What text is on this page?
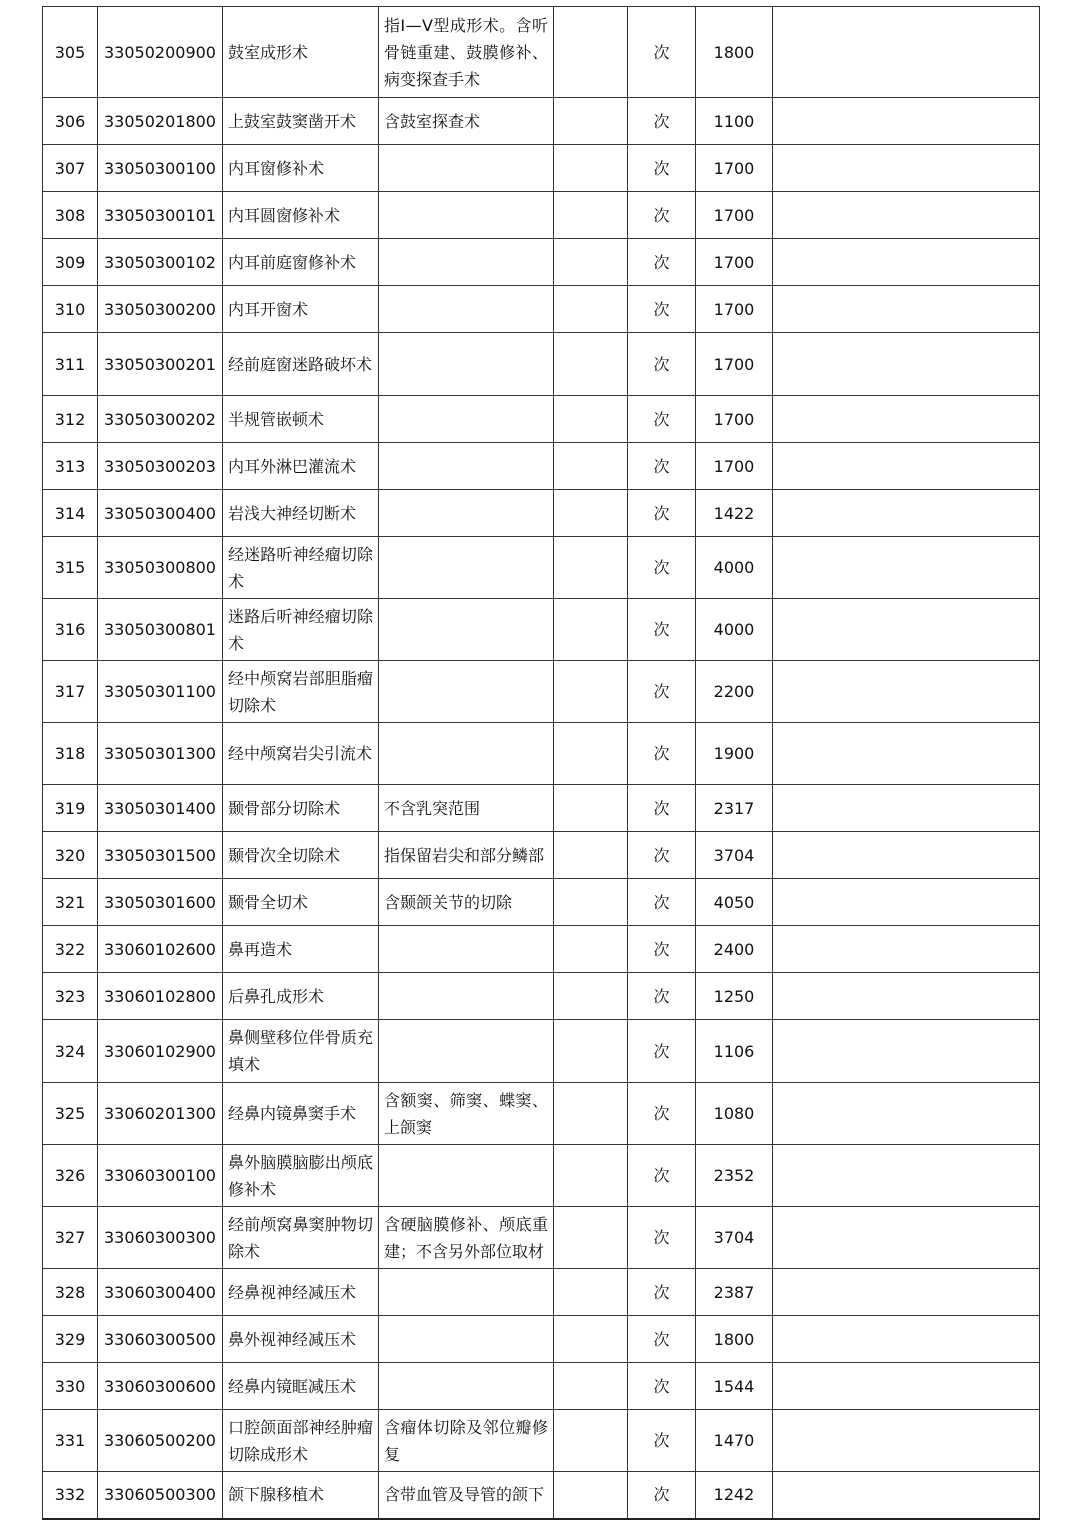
305	33050200900	鼓室成形术	指Ⅰ—Ⅴ型成形术。含听骨链重建、鼓膜修补、病变探查手术		次	1800	
306	33050201800	上鼓室鼓窦凿开术	含鼓室探查术		次	1100	
307	33050300100	内耳窗修补术			次	1700	
308	33050300101	内耳圆窗修补术			次	1700	
309	33050300102	内耳前庭窗修补术			次	1700	
310	33050300200	内耳开窗术			次	1700	
311	33050300201	经前庭窗迷路破坏术			次	1700	
312	33050300202	半规管嵌顿术			次	1700	
313	33050300203	内耳外淋巴灌流术			次	1700	
314	33050300400	岩浅大神经切断术			次	1422	
315	33050300800	经迷路听神经瘤切除术			次	4000	
316	33050300801	迷路后听神经瘤切除术			次	4000	
317	33050301100	经中颅窝岩部胆脂瘤切除术			次	2200	
318	33050301300	经中颅窝岩尖引流术			次	1900	
319	33050301400	颞骨部分切除术	不含乳突范围		次	2317	
320	33050301500	颞骨次全切除术	指保留岩尖和部分鳞部		次	3704	
321	33050301600	颞骨全切术	含颞颌关节的切除		次	4050	
322	33060102600	鼻再造术			次	2400	
323	33060102800	后鼻孔成形术			次	1250	
324	33060102900	鼻侧壁移位伴骨质充填术			次	1106	
325	33060201300	经鼻内镜鼻窦手术	含额窦、筛窦、蝶窦、上颌窦		次	1080	
326	33060300100	鼻外脑膜脑膨出颅底修补术			次	2352	
327	33060300300	经前颅窝鼻窦肿物切除术	含硬脑膜修补、颅底重建；不含另外部位取材		次	3704	
328	33060300400	经鼻视神经减压术			次	2387	
329	33060300500	鼻外视神经减压术			次	1800	
330	33060300600	经鼻内镜眶减压术			次	1544	
331	33060500200	口腔颌面部神经肿瘤切除成形术	含瘤体切除及邻位瓣修复		次	1470	
332	33060500300	颌下腺移植术	含带血管及导管的颌下		次	1242	
